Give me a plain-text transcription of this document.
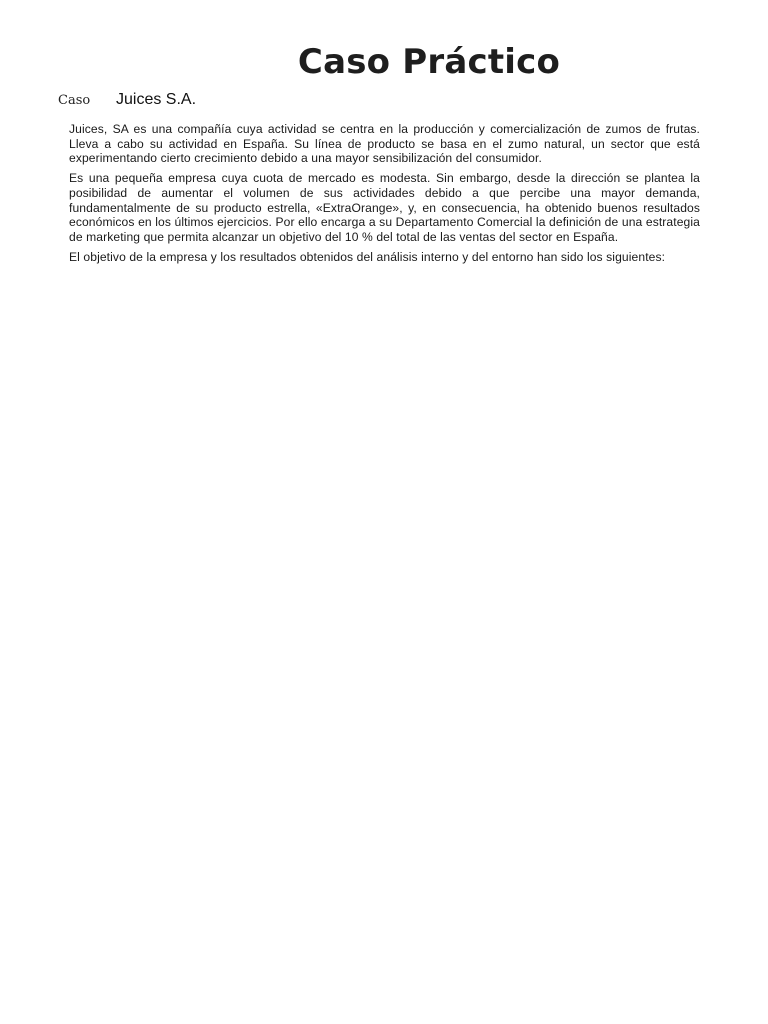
Caso Práctico
Caso	Juices S.A.

Juices, SA es una compañía cuya actividad se centra en la producción y comercialización de zumos de frutas. Lleva a cabo su actividad en España. Su línea de producto se basa en el zumo natural, un sector que está experimentando cierto crecimiento debido a una mayor sensibilización del consumidor.

Es una pequeña empresa cuya cuota de mercado es modesta. Sin embargo, desde la dirección se plantea la posibilidad de aumentar el volumen de sus actividades debido a que percibe una mayor demanda, fundamentalmente de su producto estrella, «ExtraOrange», y, en consecuencia, ha obtenido buenos resultados económicos en los últimos ejercicios. Por ello encarga a su Departamento Comercial la definición de una estrategia de marketing que permita alcanzar un objetivo del 10 % del total de las ventas del sector en España.

El objetivo de la empresa y los resultados obtenidos del análisis interno y del entorno han sido los siguientes:
